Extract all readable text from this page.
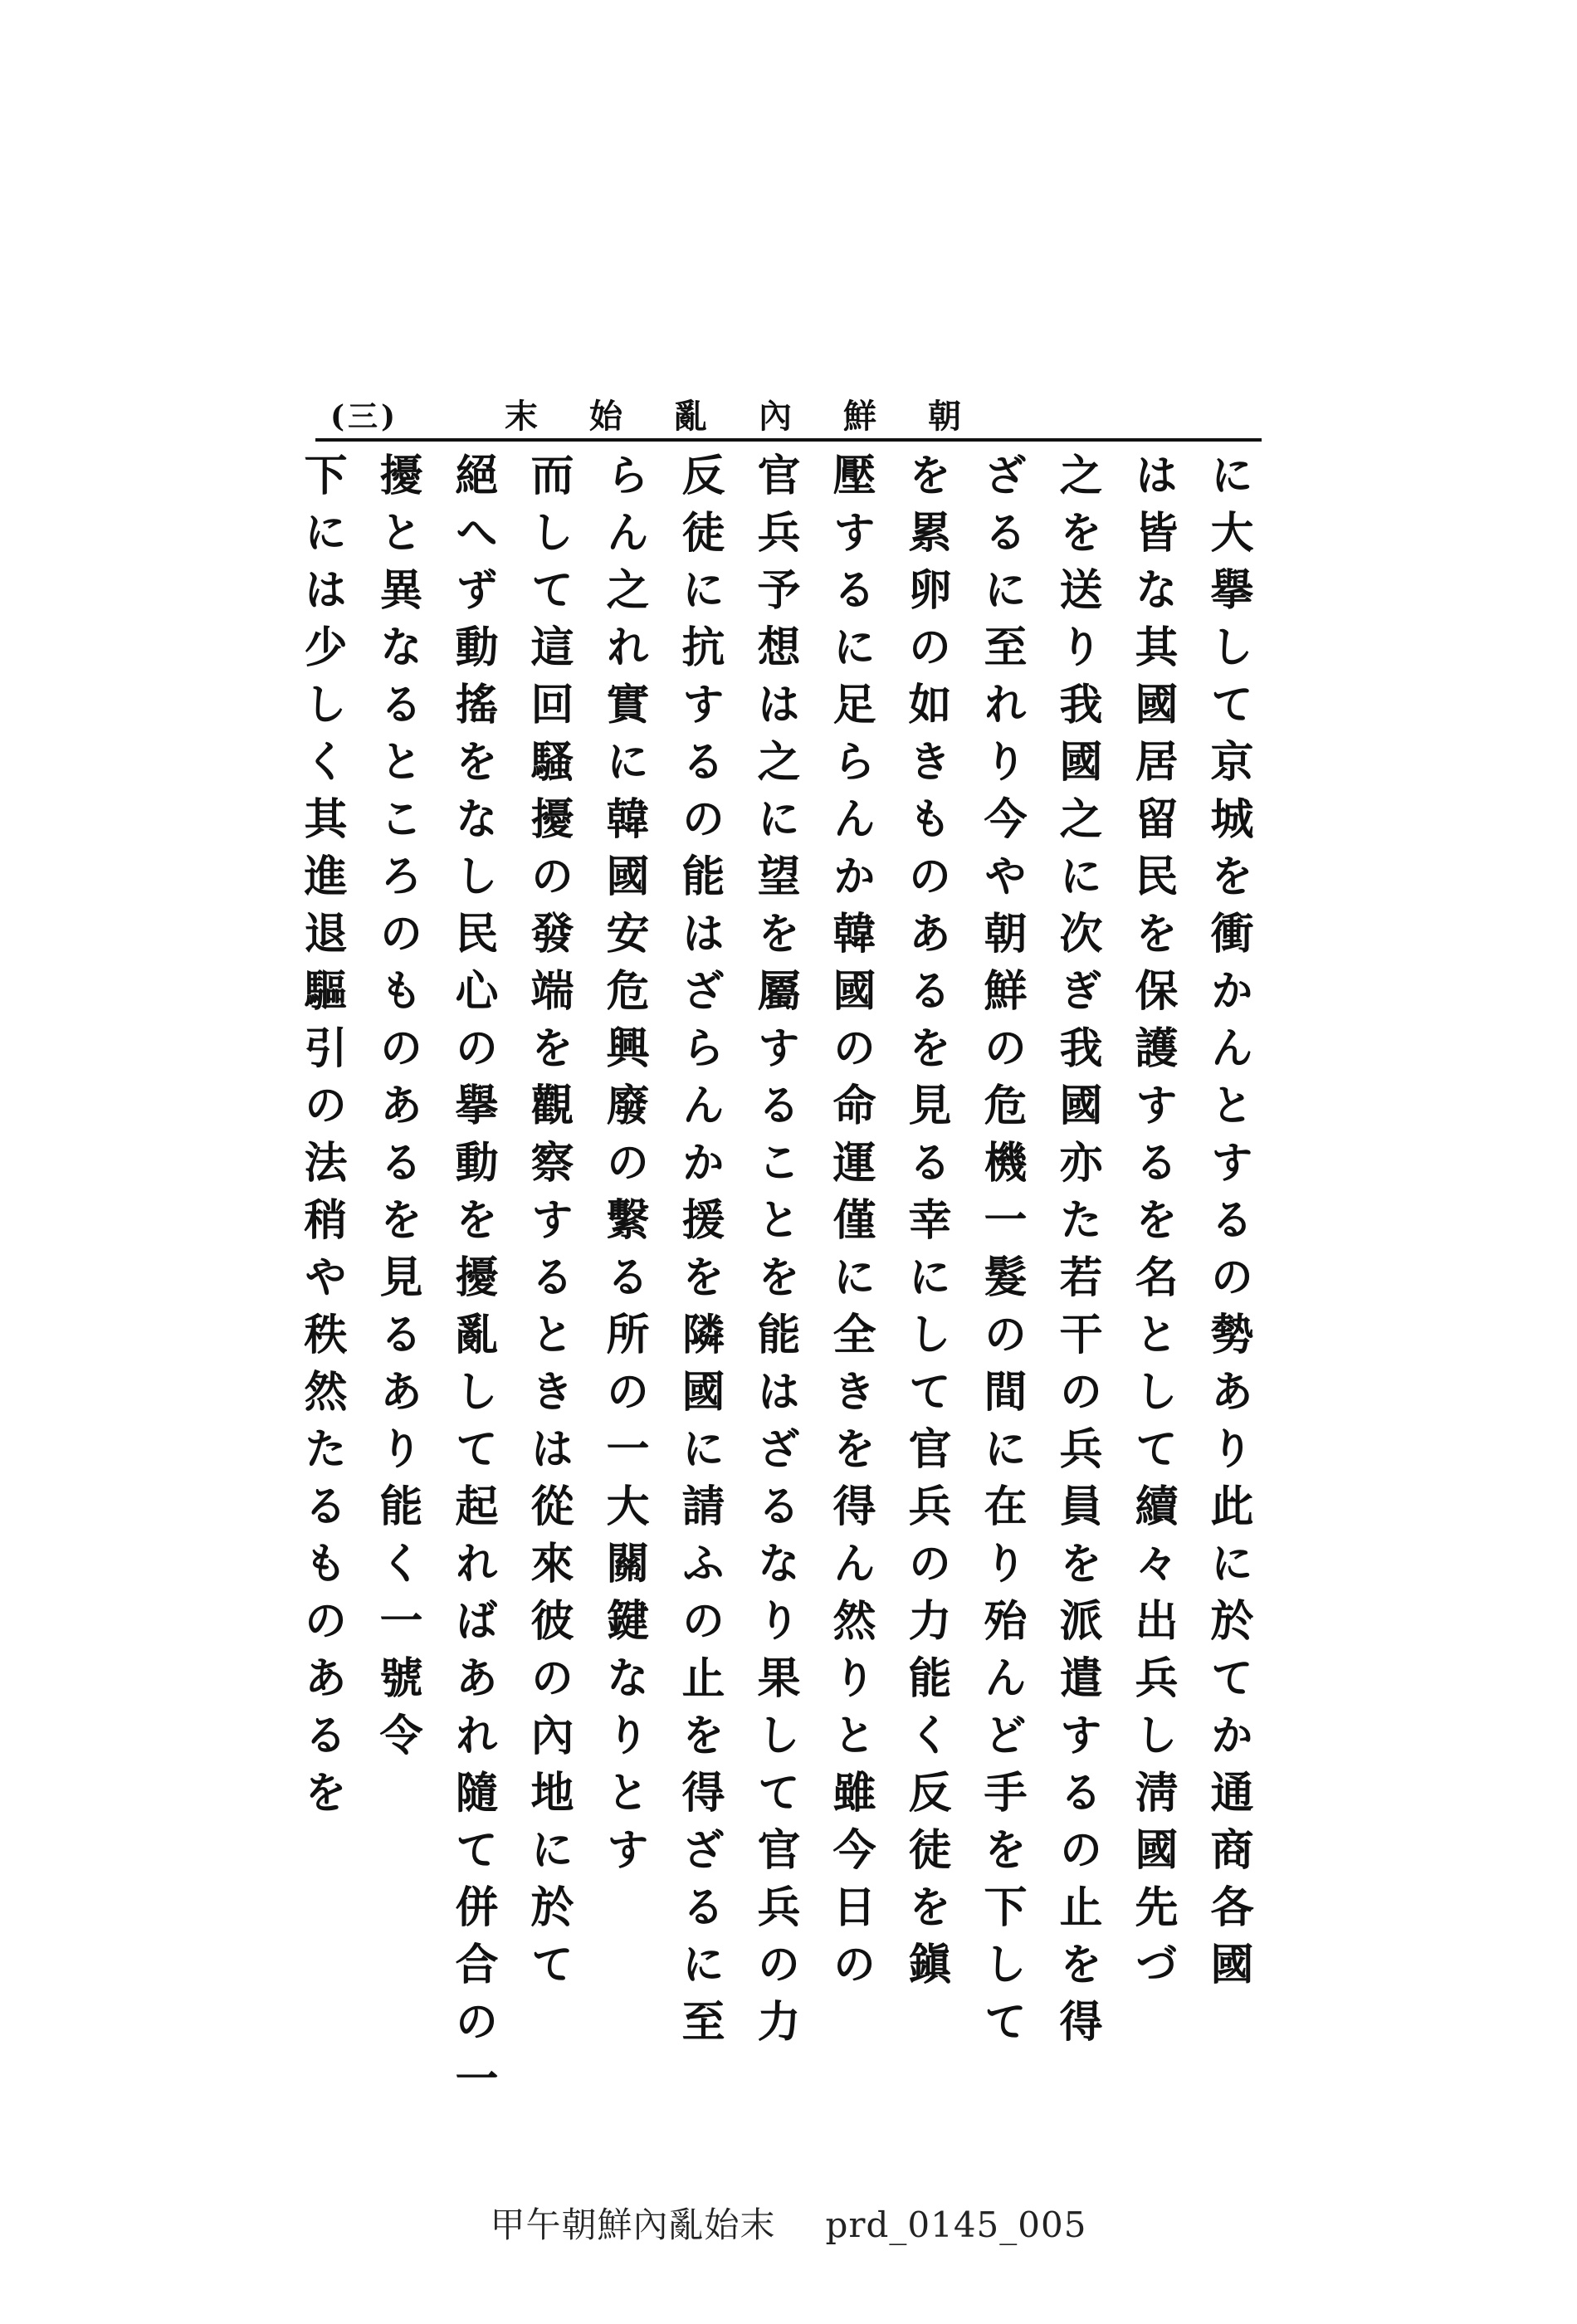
(三)	朝鮮內亂始末
に大擧して京城を衝かんとするの勢あり此に於てか通商各國
は皆な其國居留民を保護するを名として續々出兵し淸國先づ
之を送り我國之に次ぎ我國亦た若干の兵員を派遣するの止を得
ざるに至れり今や朝鮮の危機一髮の間に在り殆んど手を下して
を累卵の如きものあるを見る幸にして官兵の力能く反徒を鎭
壓するに足らんか韓國の命運僅に全きを得ん然りと雖今日の
官兵予想は之に望を屬することを能はざるなり果して官兵の力
反徒に抗するの能はざらんか援を隣國に請ふの止を得ざるに至
らん之れ實に韓國安危興廢の繫る所の一大關鍵なりとす
而して這回騷擾の發端を觀察するときは從來彼の內地に於て
絕へず動搖をなし民心の擧動を擾亂して起ればあれ隨て併合の一
擾と異なるところのものあるを見るあり能く一號令
下には少しく其進退驅引の法稍や秩然たるものあるを
甲午朝鮮內亂始末 prd_0145_005
